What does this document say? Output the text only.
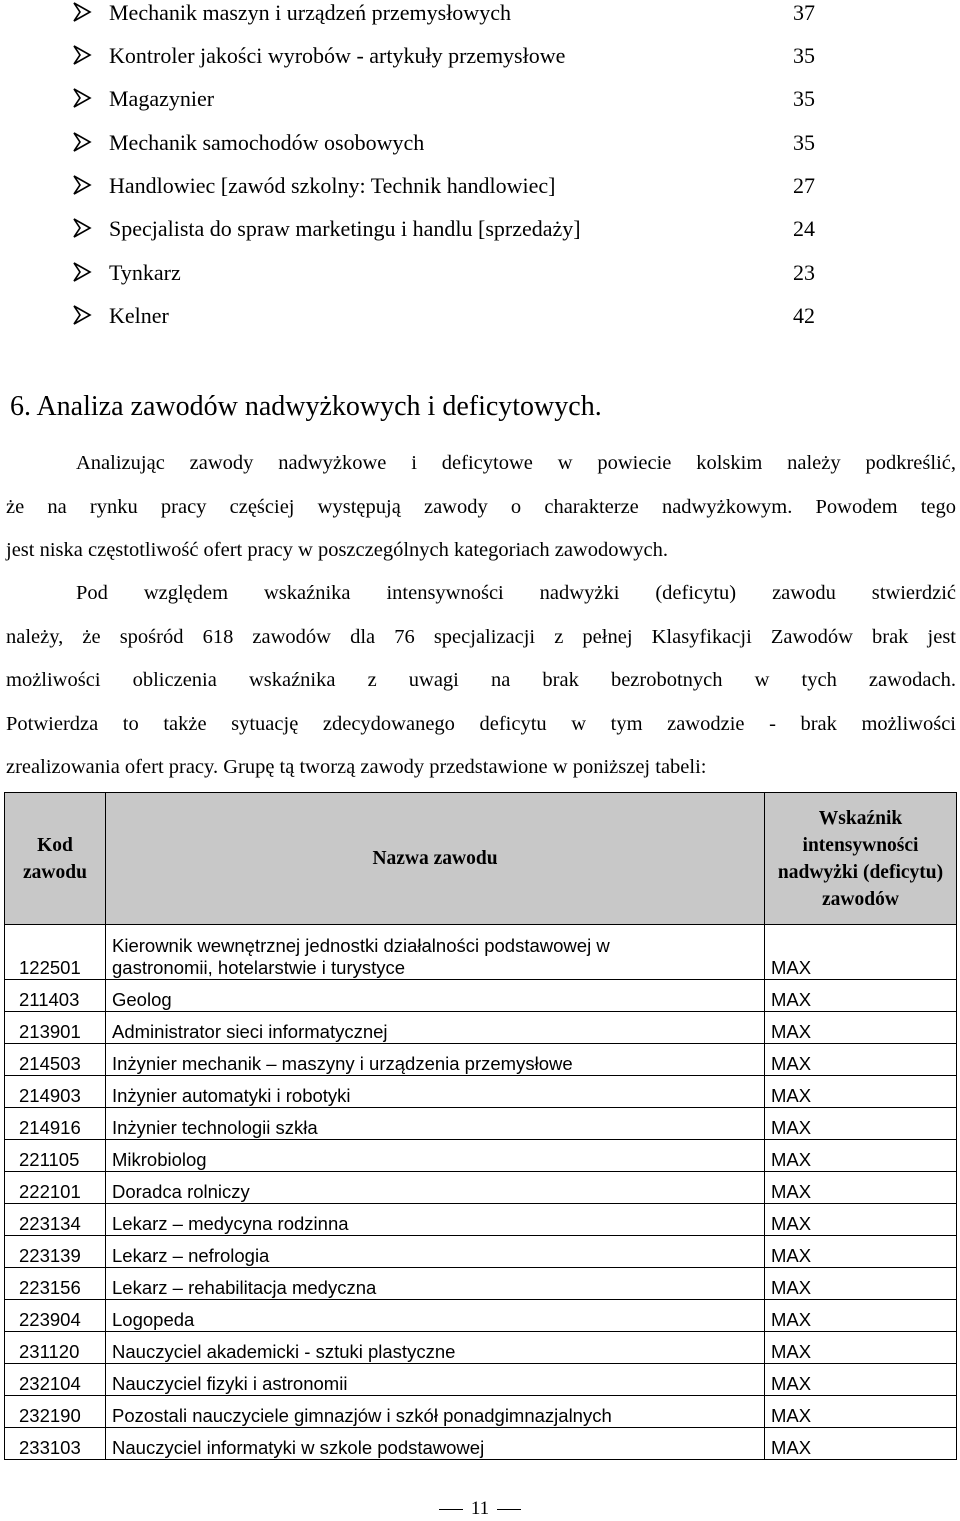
Mechanik maszyn i urządzeń przemysłowych	37
Kontroler jakości wyrobów - artykuły przemysłowe	35
Magazynier	35
Mechanik samochodów osobowych	35
Handlowiec [zawód szkolny: Technik handlowiec]	27
Specjalista do spraw marketingu i handlu [sprzedaży]	24
Tynkarz	23
Kelner	42
6. Analiza zawodów nadwyżkowych i deficytowych.
Analizując zawody nadwyżkowe i deficytowe w powiecie kolskim należy podkreślić,
że na rynku pracy częściej występują zawody o charakterze nadwyżkowym. Powodem tego
jest niska częstotliwość ofert pracy w poszczególnych kategoriach zawodowych.
Pod względem wskaźnika intensywności nadwyżki (deficytu) zawodu stwierdzić
należy, że spośród 618 zawodów dla 76 specjalizacji z pełnej Klasyfikacji Zawodów brak jest
możliwości obliczenia wskaźnika z uwagi na brak bezrobotnych w tych zawodach.
Potwierdza to także sytuację zdecydowanego deficytu w tym zawodzie - brak możliwości
zrealizowania ofert pracy. Grupę tą tworzą zawody przedstawione w poniższej tabeli:
Kod zawodu	Nazwa zawodu	Wskaźnik intensywności nadwyżki (deficytu) zawodów
122501	Kierownik wewnętrznej jednostki działalności podstawowej w gastronomii, hotelarstwie i turystyce	MAX
211403	Geolog	MAX
213901	Administrator sieci informatycznej	MAX
214503	Inżynier mechanik – maszyny i urządzenia przemysłowe	MAX
214903	Inżynier automatyki i robotyki	MAX
214916	Inżynier technologii szkła	MAX
221105	Mikrobiolog	MAX
222101	Doradca rolniczy	MAX
223134	Lekarz – medycyna rodzinna	MAX
223139	Lekarz – nefrologia	MAX
223156	Lekarz – rehabilitacja medyczna	MAX
223904	Logopeda	MAX
231120	Nauczyciel akademicki - sztuki plastyczne	MAX
232104	Nauczyciel fizyki i astronomii	MAX
232190	Pozostali nauczyciele gimnazjów i szkół ponadgimnazjalnych	MAX
233103	Nauczyciel informatyki w szkole podstawowej	MAX
11
